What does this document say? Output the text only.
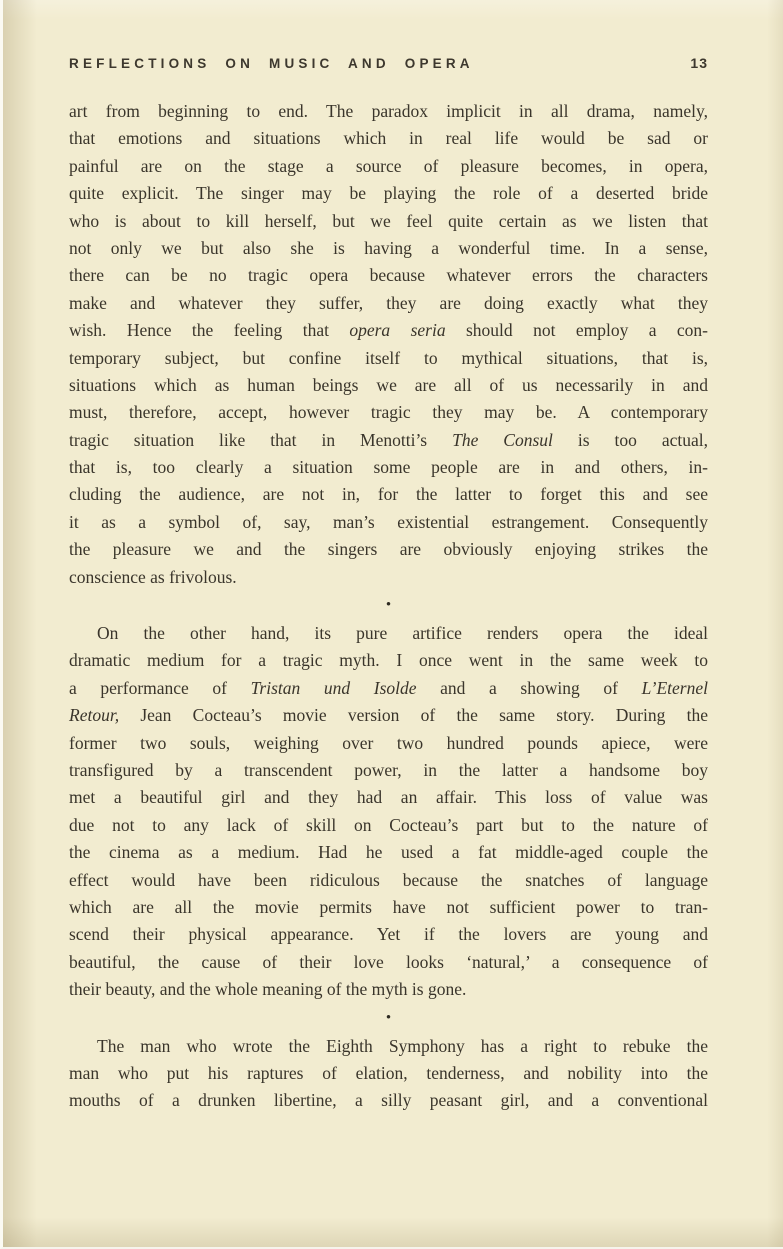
REFLECTIONS ON MUSIC AND OPERA	13
art from beginning to end. The paradox implicit in all drama, namely,
that emotions and situations which in real life would be sad or
painful are on the stage a source of pleasure becomes, in opera,
quite explicit. The singer may be playing the role of a deserted bride
who is about to kill herself, but we feel quite certain as we listen that
not only we but also she is having a wonderful time. In a sense,
there can be no tragic opera because whatever errors the characters
make and whatever they suffer, they are doing exactly what they
wish. Hence the feeling that opera seria should not employ a con-
temporary subject, but confine itself to mythical situations, that is,
situations which as human beings we are all of us necessarily in and
must, therefore, accept, however tragic they may be. A contemporary
tragic situation like that in Menotti’s The Consul is too actual,
that is, too clearly a situation some people are in and others, in-
cluding the audience, are not in, for the latter to forget this and see
it as a symbol of, say, man’s existential estrangement. Consequently
the pleasure we and the singers are obviously enjoying strikes the
conscience as frivolous.
•
On the other hand, its pure artifice renders opera the ideal
dramatic medium for a tragic myth. I once went in the same week to
a performance of Tristan und Isolde and a showing of L’Eternel
Retour, Jean Cocteau’s movie version of the same story. During the
former two souls, weighing over two hundred pounds apiece, were
transfigured by a transcendent power, in the latter a handsome boy
met a beautiful girl and they had an affair. This loss of value was
due not to any lack of skill on Cocteau’s part but to the nature of
the cinema as a medium. Had he used a fat middle-aged couple the
effect would have been ridiculous because the snatches of language
which are all the movie permits have not sufficient power to tran-
scend their physical appearance. Yet if the lovers are young and
beautiful, the cause of their love looks ‘natural,’ a consequence of
their beauty, and the whole meaning of the myth is gone.
•
The man who wrote the Eighth Symphony has a right to rebuke the
man who put his raptures of elation, tenderness, and nobility into the
mouths of a drunken libertine, a silly peasant girl, and a conventional
